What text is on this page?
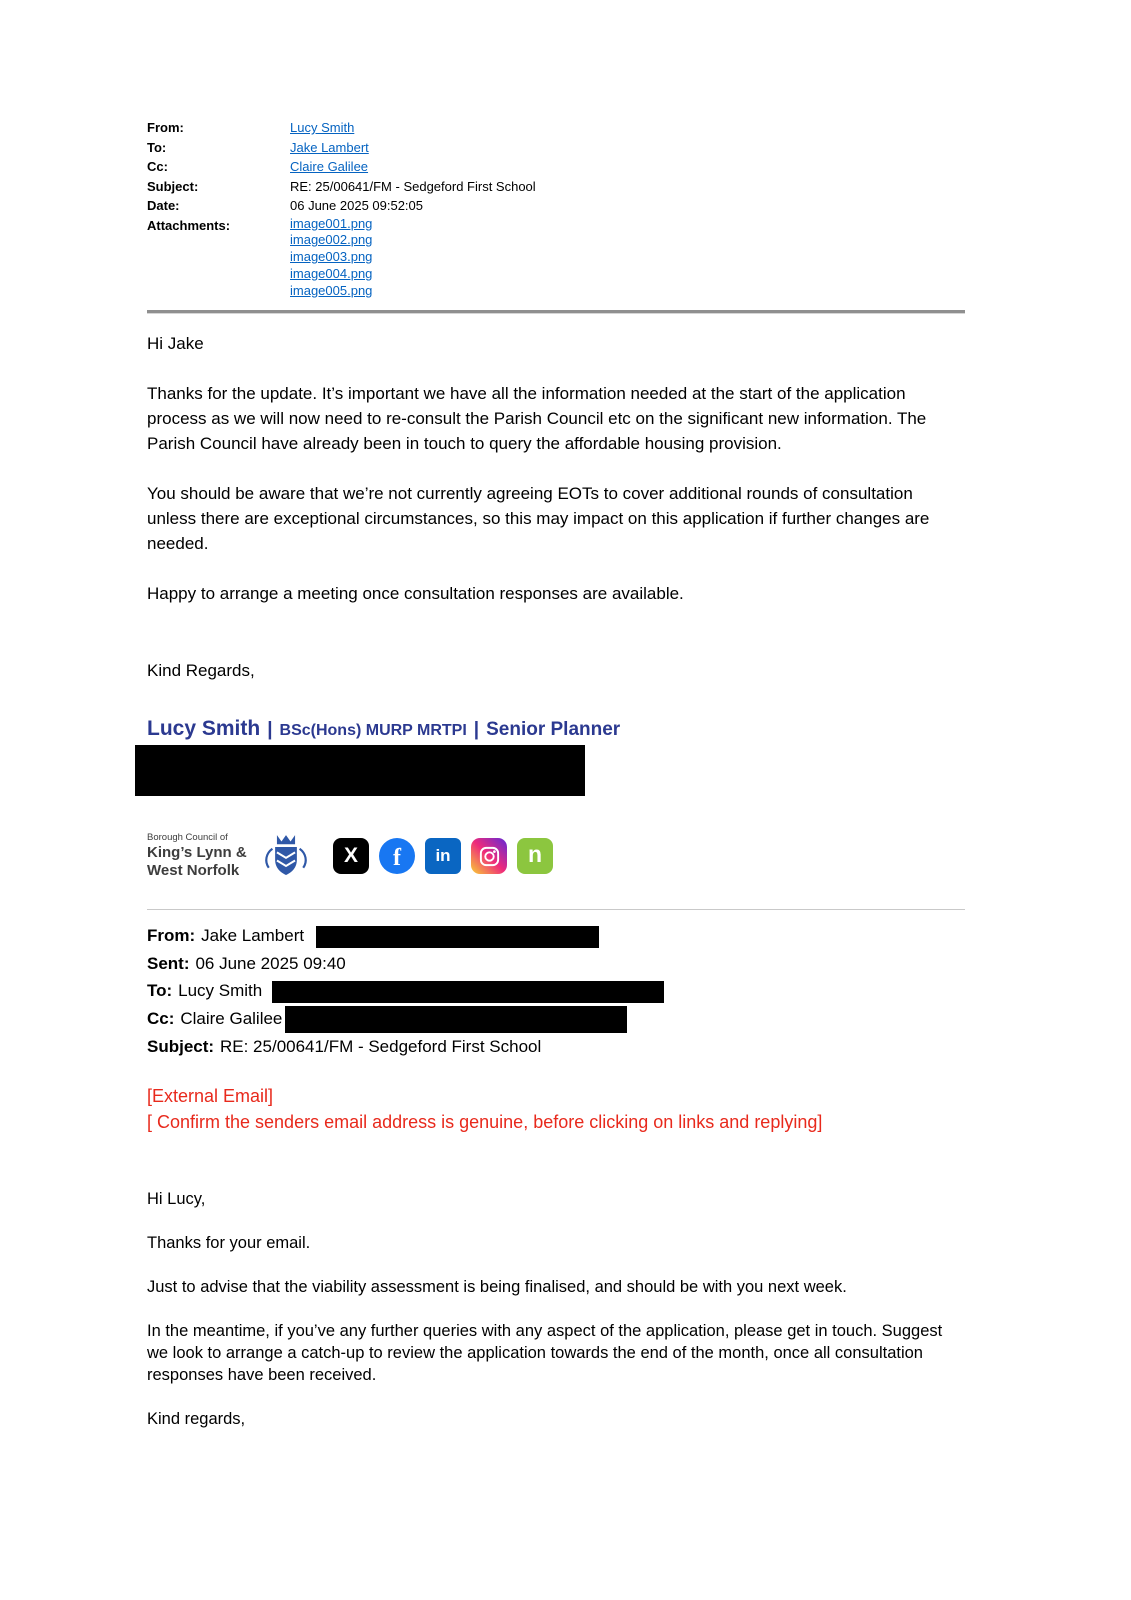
From:	Lucy Smith
To:	Jake Lambert
Cc:	Claire Galilee
Subject:	RE: 25/00641/FM - Sedgeford First School
Date:	06 June 2025 09:52:05
Attachments:	image001.png
image002.png
image003.png
image004.png
image005.png

Hi Jake

Thanks for the update. It’s important we have all the information needed at the start of the application process as we will now need to re-consult the Parish Council etc on the significant new information. The Parish Council have already been in touch to query the affordable housing provision.

You should be aware that we’re not currently agreeing EOTs to cover additional rounds of consultation unless there are exceptional circumstances, so this may impact on this application if further changes are needed.

Happy to arrange a meeting once consultation responses are available.

Kind Regards,

Lucy Smith | BSc(Hons) MURP MRTPI | Senior Planner
Borough Council of
King’s Lynn &
West Norfolk
X f in	n
From: Jake Lambert
Sent: 06 June 2025 09:40
To: Lucy Smith
Cc: Claire Galilee
Subject: RE: 25/00641/FM - Sedgeford First School
[External Email]
[ Confirm the senders email address is genuine, before clicking on links and replying]

Hi Lucy,

Thanks for your email.

Just to advise that the viability assessment is being finalised, and should be with you next week.

In the meantime, if you’ve any further queries with any aspect of the application, please get in touch. Suggest we look to arrange a catch-up to review the application towards the end of the month, once all consultation responses have been received.

Kind regards,
